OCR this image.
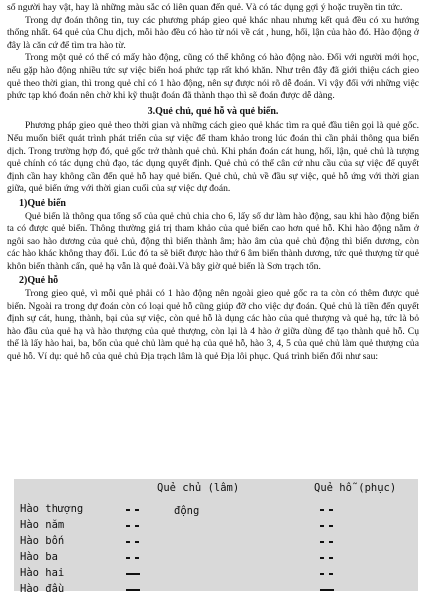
số người hay vật, hay là những màu sắc có liên quan đến quẻ. Và có tác dụng gợi ý hoặc truyền tin tức.

Trong dự đoán thông tin, tuy các phương pháp gieo quẻ khác nhau nhưng kết quả đều có xu hướng thống nhất. 64 quẻ của Chu dịch, mỗi hào đều có hào từ nói về cát , hung, hối, lận của hào đó. Hào động ở đây là căn cứ để tìm tra hào từ.

Trong một quẻ có thể có mấy hào động, cũng có thể không có hào động nào. Đối với người mới học, nếu gặp hào động nhiều tức sự việc biến hoá phức tạp rất khó khăn. Như trên đây đã giới thiệu cách gieo quẻ theo thời gian, thì trong quẻ chỉ có 1 hào động, nên sự được nói rõ dễ đoán. Vì vậy đối với những việc phức tạp khó đoán nên chờ khi kỹ thuật đoán đã thành thạo thì sẽ đoán được dễ dàng.

3.Quẻ chủ, quẻ hỗ và quẻ biến.

Phương pháp gieo quẻ theo thời gian và những cách gieo quẻ khác tìm ra quẻ đầu tiên gọi là quẻ gốc. Nếu muốn biết quát trình phát triển của sự việc để tham khảo trong lúc đoán thì cần phải thông qua biến dịch. Trong trường hợp đó, quẻ gốc trở thành quẻ chủ. Khi phán đoán cát hung, hối, lận, quẻ chủ là tượng quẻ chính có tác dụng chủ đạo, tác dụng quyết định. Quẻ chủ có thể cân cứ nhu cầu của sự việc để quyết định cần hay không cần đến quẻ hỗ hay quẻ biến. Quẻ chủ, chủ về đầu sự việc, quẻ hỗ ứng với thời gian giữa, quẻ biến ứng với thời gian cuối của sự việc dự đoán.

1)Quẻ biến

Quẻ biến là thông qua tổng số của quẻ chủ chia cho 6, lấy số dư làm hào động, sau khi hào động biến ta có được quẻ biến. Thông thường giá trị tham khảo của quẻ biến cao hơn quẻ hỗ. Khi hào động nằm ở ngôi sao hào dương của quẻ chủ, động thì biến thành âm; hào âm của quẻ chủ động thì biến dương, còn các hào khác không thay đổi. Lúc đó ta sẽ biết được hào thứ 6 âm biến thành dương, tức quẻ thượng từ quẻ khôn biến thành cấn, quẻ hạ vẫn là quẻ đoài.Và bây giờ quẻ biến là Sơn trạch tổn.

2)Quẻ hỗ

Trong gieo quẻ, vì mỗi quẻ phải có 1 hào động nên ngoài gieo quẻ gốc ra ta còn có thêm được quẻ biến. Ngoài ra trong dự đoán còn có loại quẻ hỗ cũng giúp đỡ cho việc dự đoán. Quẻ chủ là tiền đến quyết định sự cát, hung, thành, bại của sự việc, còn quẻ hỗ là dụng các hào của quẻ thượng và quẻ hạ, tức là bỏ hào đầu của quẻ hạ và hào thượng của quẻ thượng, còn lại là 4 hào ở giữa dùng để tạo thành quẻ hỗ. Cụ thể là lấy hào hai, ba, bốn của quẻ chủ làm quẻ hạ của quẻ hỗ, hào 3, 4, 5 của quẻ chủ làm quẻ thượng của quẻ hỗ. Ví dụ: quẻ hỗ của quẻ chủ Địa trạch lâm là quẻ Địa lôi phục. Quá trình biến đổi như sau:

Quẻ chủ (lâm)	Quẻ hỗ (phục)
Hào thượng	động
Hào năm
Hào bốn
Hào ba
Hào hai
Hào đầu
